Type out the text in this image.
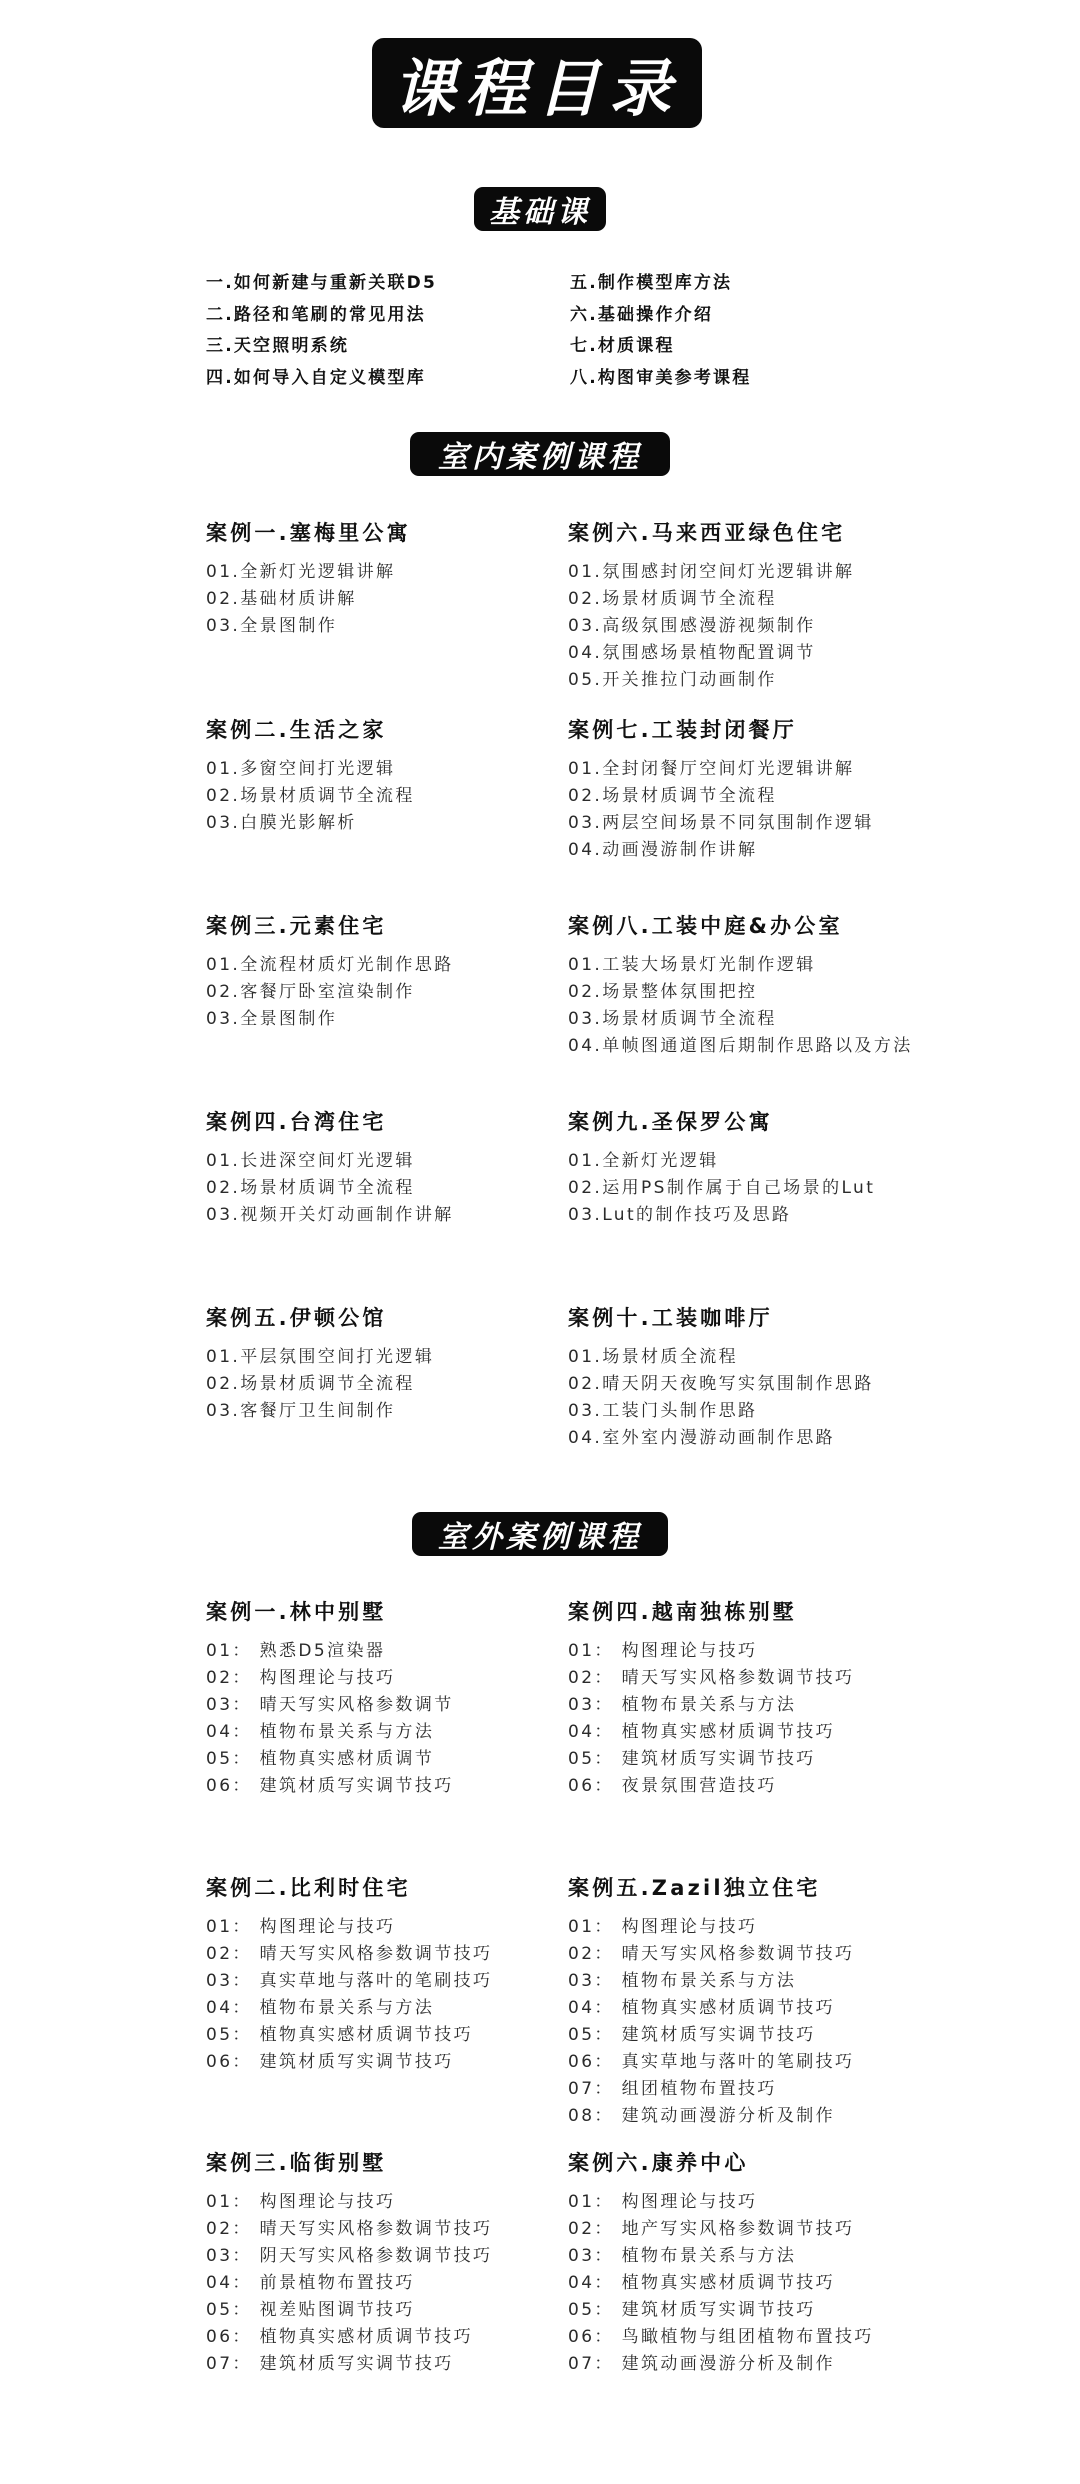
课程目录
基础课
一.如何新建与重新关联D5
二.路径和笔刷的常见用法
三.天空照明系统
四.如何导入自定义模型库
五.制作模型库方法
六.基础操作介绍
七.材质课程
八.构图审美参考课程
室内案例课程
案例一.塞梅里公寓
01.全新灯光逻辑讲解
02.基础材质讲解
03.全景图制作
案例六.马来西亚绿色住宅
01.氛围感封闭空间灯光逻辑讲解
02.场景材质调节全流程
03.高级氛围感漫游视频制作
04.氛围感场景植物配置调节
05.开关推拉门动画制作
案例二.生活之家
01.多窗空间打光逻辑
02.场景材质调节全流程
03.白膜光影解析
案例七.工装封闭餐厅
01.全封闭餐厅空间灯光逻辑讲解
02.场景材质调节全流程
03.两层空间场景不同氛围制作逻辑
04.动画漫游制作讲解
案例三.元素住宅
01.全流程材质灯光制作思路
02.客餐厅卧室渲染制作
03.全景图制作
案例八.工装中庭&办公室
01.工装大场景灯光制作逻辑
02.场景整体氛围把控
03.场景材质调节全流程
04.单帧图通道图后期制作思路以及方法
案例四.台湾住宅
01.长进深空间灯光逻辑
02.场景材质调节全流程
03.视频开关灯动画制作讲解
案例九.圣保罗公寓
01.全新灯光逻辑
02.运用PS制作属于自己场景的Lut
03.Lut的制作技巧及思路
案例五.伊顿公馆
01.平层氛围空间打光逻辑
02.场景材质调节全流程
03.客餐厅卫生间制作
案例十.工装咖啡厅
01.场景材质全流程
02.晴天阴天夜晚写实氛围制作思路
03.工装门头制作思路
04.室外室内漫游动画制作思路
室外案例课程
案例一.林中别墅
01： 熟悉D5渲染器
02： 构图理论与技巧
03： 晴天写实风格参数调节
04： 植物布景关系与方法
05： 植物真实感材质调节
06： 建筑材质写实调节技巧
案例四.越南独栋别墅
01： 构图理论与技巧
02： 晴天写实风格参数调节技巧
03： 植物布景关系与方法
04： 植物真实感材质调节技巧
05： 建筑材质写实调节技巧
06： 夜景氛围营造技巧
案例二.比利时住宅
01： 构图理论与技巧
02： 晴天写实风格参数调节技巧
03： 真实草地与落叶的笔刷技巧
04： 植物布景关系与方法
05： 植物真实感材质调节技巧
06： 建筑材质写实调节技巧
案例五.Zazil独立住宅
01： 构图理论与技巧
02： 晴天写实风格参数调节技巧
03： 植物布景关系与方法
04： 植物真实感材质调节技巧
05： 建筑材质写实调节技巧
06： 真实草地与落叶的笔刷技巧
07： 组团植物布置技巧
08： 建筑动画漫游分析及制作
案例三.临街别墅
01： 构图理论与技巧
02： 晴天写实风格参数调节技巧
03： 阴天写实风格参数调节技巧
04： 前景植物布置技巧
05： 视差贴图调节技巧
06： 植物真实感材质调节技巧
07： 建筑材质写实调节技巧
案例六.康养中心
01： 构图理论与技巧
02： 地产写实风格参数调节技巧
03： 植物布景关系与方法
04： 植物真实感材质调节技巧
05： 建筑材质写实调节技巧
06： 鸟瞰植物与组团植物布置技巧
07： 建筑动画漫游分析及制作
